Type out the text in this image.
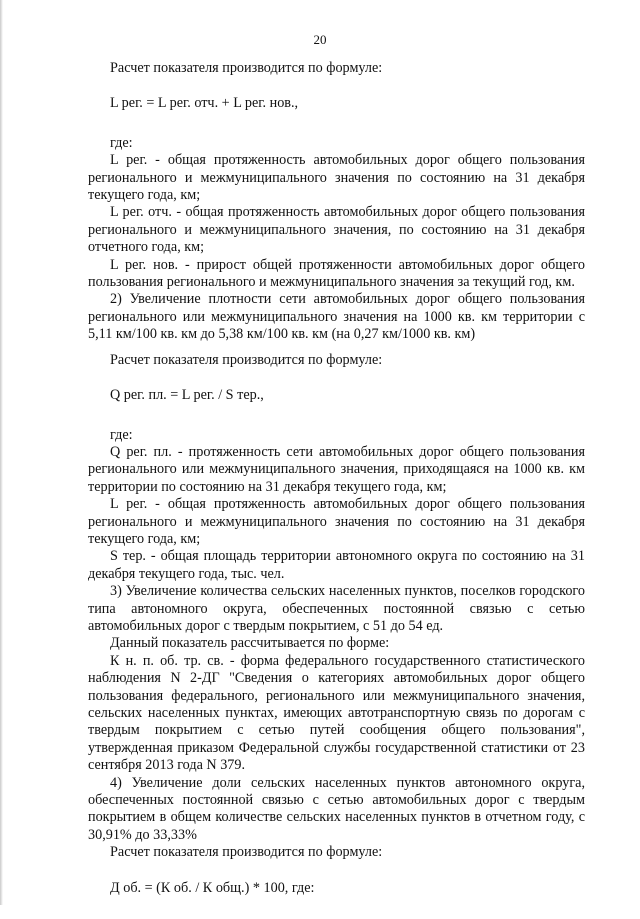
20

Расчет показателя производится по формуле:

L рег. = L рег. отч. + L рег. нов.,

где:

L рег. - общая протяженность автомобильных дорог общего пользования регионального и межмуниципального значения по состоянию на 31 декабря текущего года, км;

L рег. отч. - общая протяженность автомобильных дорог общего пользования регионального и межмуниципального значения, по состоянию на 31 декабря отчетного года, км;

L рег. нов. - прирост общей протяженности автомобильных дорог общего пользования регионального и межмуниципального значения за текущий год, км.

2) Увеличение плотности сети автомобильных дорог общего пользования регионального или межмуниципального значения на 1000 кв. км территории с 5,11 км/100 кв. км до 5,38 км/100 кв. км (на 0,27 км/1000 кв. км)

Расчет показателя производится по формуле:

Q рег. пл. = L рег. / S тер.,

где:

Q рег. пл. - протяженность сети автомобильных дорог общего пользования регионального или межмуниципального значения, приходящаяся на 1000 кв. км территории по состоянию на 31 декабря текущего года, км;

L рег. - общая протяженность автомобильных дорог общего пользования регионального и межмуниципального значения по состоянию на 31 декабря текущего года, км;

S тер. - общая площадь территории автономного округа по состоянию на 31 декабря текущего года, тыс. чел.

3) Увеличение количества сельских населенных пунктов, поселков городского типа автономного округа, обеспеченных постоянной связью с сетью автомобильных дорог с твердым покрытием, с 51 до 54 ед.

Данный показатель рассчитывается по форме:

К н. п. об. тр. св. - форма федерального государственного статистического наблюдения N 2-ДГ "Сведения о категориях автомобильных дорог общего пользования федерального, регионального или межмуниципального значения, сельских населенных пунктах, имеющих автотранспортную связь по дорогам с твердым покрытием с сетью путей сообщения общего пользования", утвержденная приказом Федеральной службы государственной статистики от 23 сентября 2013 года N 379.

4) Увеличение доли сельских населенных пунктов автономного округа, обеспеченных постоянной связью с сетью автомобильных дорог с твердым покрытием в общем количестве сельских населенных пунктов в отчетном году, с 30,91% до 33,33%

Расчет показателя производится по формуле:

Д об. = (К об. / К общ.) * 100, где:
